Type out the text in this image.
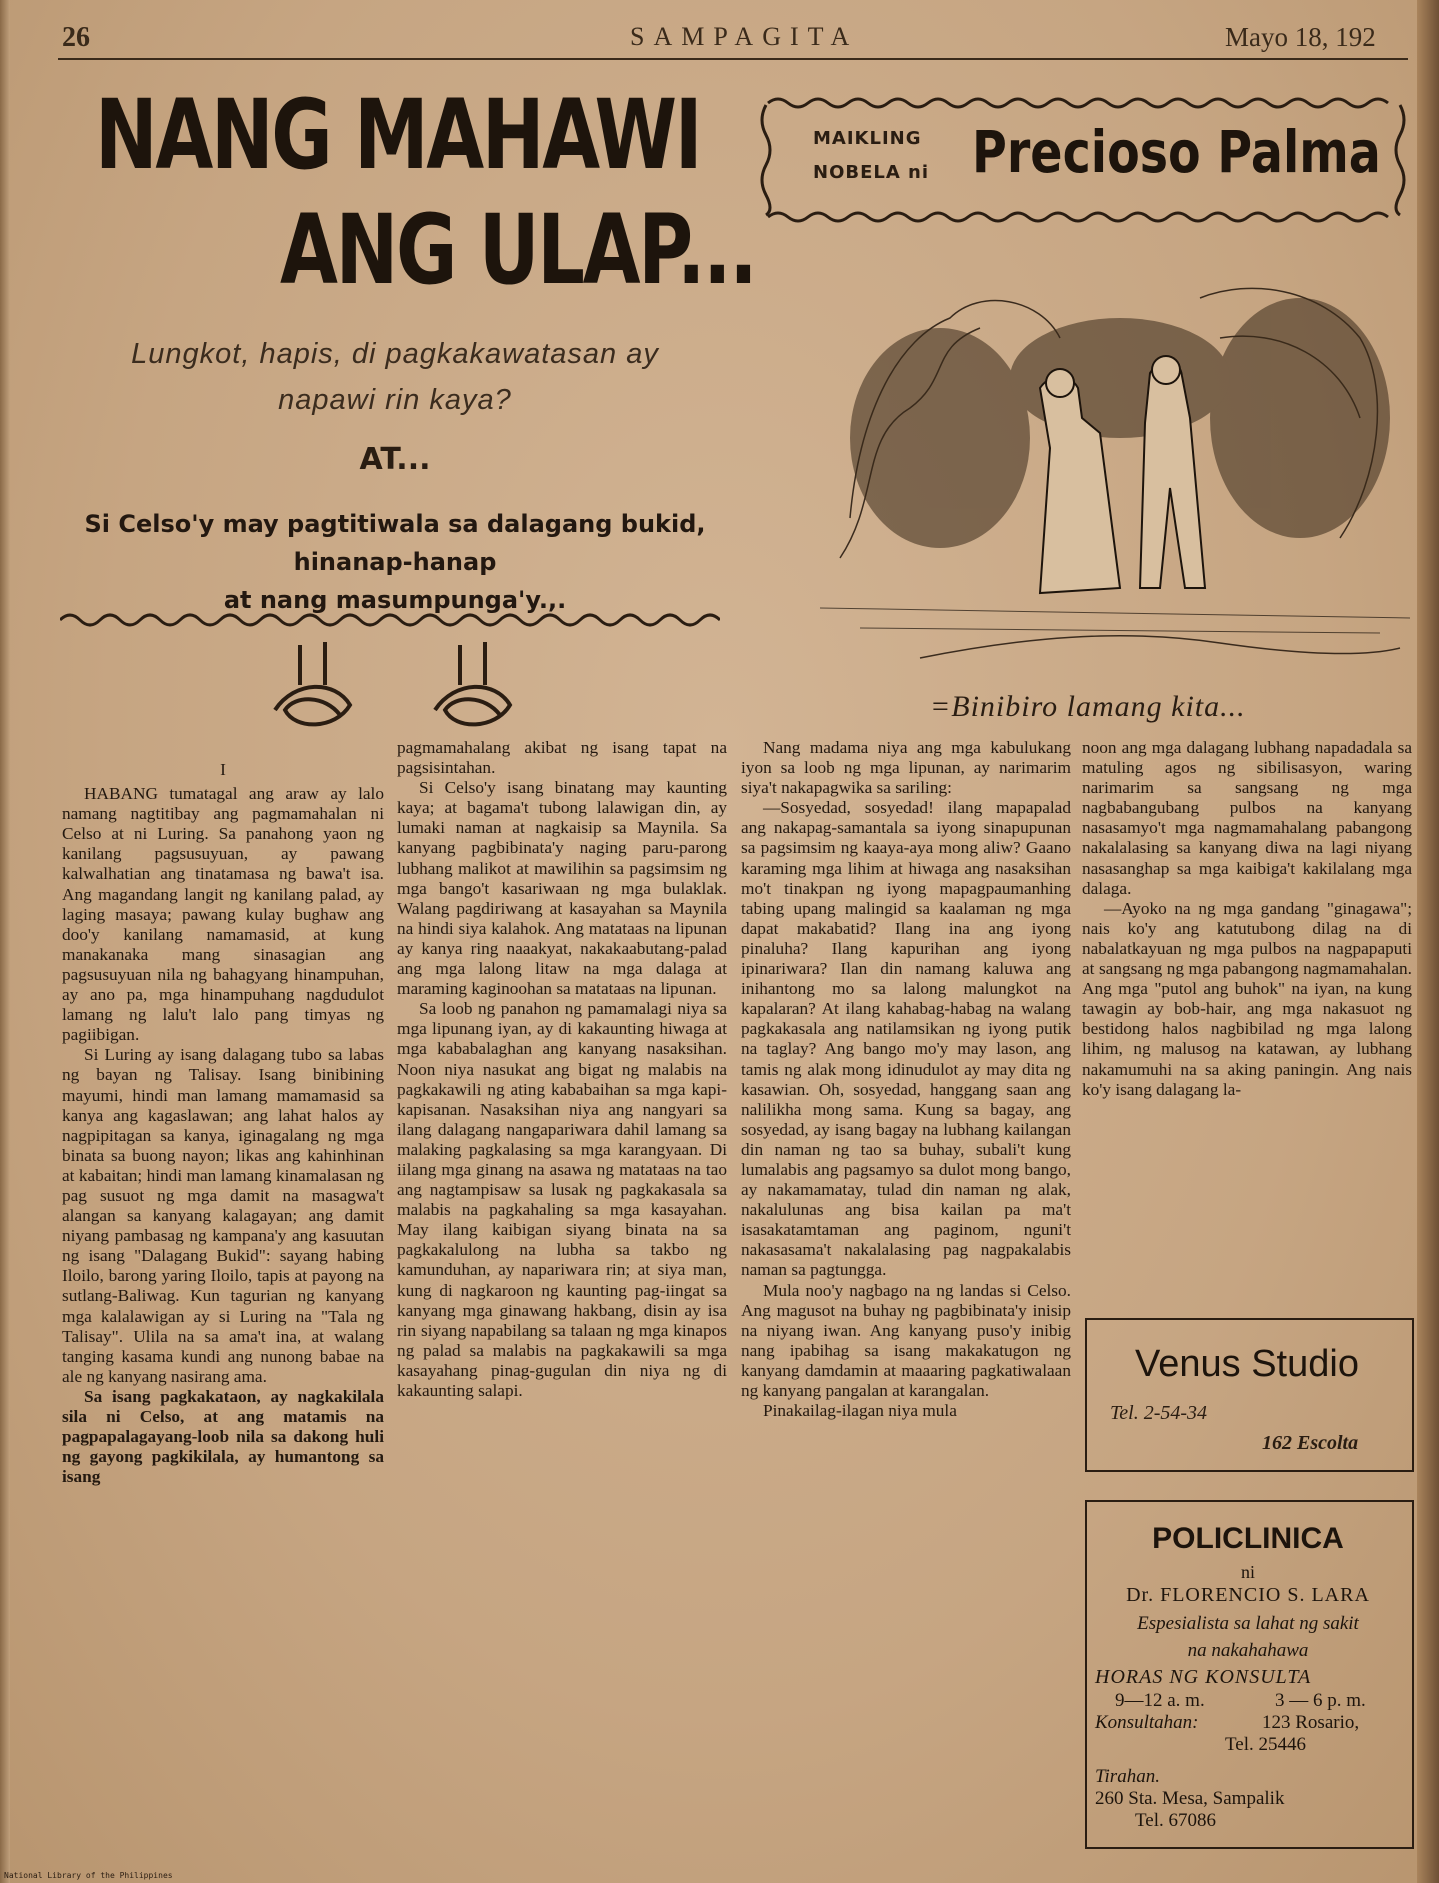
26	SAMPAGITA	Mayo 18, 192
NANG MAHAWI
ANG ULAP...
Lungkot, hapis, di pagkakawatasan ay
napawi rin kaya?
AT...
Si Celso'y may pagtitiwala sa dalagang bukid, hinanap-hanap
at nang masumpunga'y.,.
MAIKLING
NOBELA ni Precioso Palma
=Binibiro lamang kita...

I

HABANG tumatagal ang araw ay lalo namang nagtitibay ang pagmamahalan ni Celso at ni Luring. Sa panahong yaon ng kanilang pagsusuyuan, ay pawang kalwalhatian ang tinatamasa ng bawa't isa. Ang magandang langit ng kanilang palad, ay laging masaya; pawang kulay bughaw ang doo'y kanilang namamasid, at kung manakanaka mang sinasagian ang pagsusuyuan nila ng bahagyang hinampuhan, ay ano pa, mga hinampuhang nagdudulot lamang ng lalu't lalo pang timyas ng pagiibigan.

Si Luring ay isang dalagang tubo sa labas ng bayan ng Talisay. Isang binibining mayumi, hindi man lamang mamamasid sa kanya ang kagaslawan; ang lahat halos ay nagpipitagan sa kanya, iginagalang ng mga binata sa buong nayon; likas ang kahinhinan at kabaitan; hindi man lamang kinamalasan ng pag susuot ng mga damit na masagwa't alangan sa kanyang kalagayan; ang damit niyang pambasag ng kampana'y ang kasuutan ng isang "Dalagang Bukid": sayang habing Iloilo, barong yaring Iloilo, tapis at payong na sutlang-Baliwag. Kun tagurian ng kanyang mga kalalawigan ay si Luring na "Tala ng Talisay". Ulila na sa ama't ina, at walang tanging kasama kundi ang nunong babae na ale ng kanyang nasirang ama.

Sa isang pagkakataon, ay nagkakilala sila ni Celso, at ang matamis na pagpapalagayang-loob nila sa dakong huli ng gayong pagkikilala, ay humantong sa isang

pagmamahalang akibat ng isang tapat na pagsisintahan.

Si Celso'y isang binatang may kaunting kaya; at bagama't tubong lalawigan din, ay lumaki naman at nagkaisip sa Maynila. Sa kanyang pagbibinata'y naging paru-parong lubhang malikot at mawilihin sa pagsimsim ng mga bango't kasariwaan ng mga bulaklak. Walang pagdiriwang at kasayahan sa Maynila na hindi siya kalahok. Ang matataas na lipunan ay kanya ring naaakyat, nakakaabutang-palad ang mga lalong litaw na mga dalaga at maraming kaginoohan sa matataas na lipunan.

Sa loob ng panahon ng pamamalagi niya sa mga lipunang iyan, ay di kakaunting hiwaga at mga kababalaghan ang kanyang nasaksihan. Noon niya nasukat ang bigat ng malabis na pagkakawili ng ating kababaihan sa mga kapi-kapisanan. Nasaksihan niya ang nangyari sa ilang dalagang nangapariwara dahil lamang sa malaking pagkalasing sa mga karangyaan. Di iilang mga ginang na asawa ng matataas na tao ang nagtampisaw sa lusak ng pagkakasala sa malabis na pagkahaling sa mga kasayahan. May ilang kaibigan siyang binata na sa pagkakalulong na lubha sa takbo ng kamunduhan, ay napariwara rin; at siya man, kung di nagkaroon ng kaunting pag-iingat sa kanyang mga ginawang hakbang, disin ay isa rin siyang napabilang sa talaan ng mga kinapos ng palad sa malabis na pagkakawili sa mga kasayahang pinag-gugulan din niya ng di kakaunting salapi.

Nang madama niya ang mga kabulukang iyon sa loob ng mga lipunan, ay narimarim siya't nakapagwika sa sariling:

—Sosyedad, sosyedad! ilang mapapalad ang nakapag-samantala sa iyong sinapupunan sa pagsimsim ng kaaya-aya mong aliw? Gaano karaming mga lihim at hiwaga ang nasaksihan mo't tinakpan ng iyong mapagpaumanhing tabing upang malingid sa kaalaman ng mga dapat makabatid? Ilang ina ang iyong pinaluha? Ilang kapurihan ang iyong ipinariwara? Ilan din namang kaluwa ang inihantong mo sa lalong malungkot na kapalaran? At ilang kahabag-habag na walang pagkakasala ang natilamsikan ng iyong putik na taglay? Ang bango mo'y may lason, ang tamis ng alak mong idinudulot ay may dita ng kasawian. Oh, sosyedad, hanggang saan ang nalilikha mong sama. Kung sa bagay, ang sosyedad, ay isang bagay na lubhang kailangan din naman ng tao sa buhay, subali't kung lumalabis ang pagsamyo sa dulot mong bango, ay nakamamatay, tulad din naman ng alak, nakalulunas ang bisa kailan pa ma't isasakatamtaman ang paginom, nguni't nakasasama't nakalalasing pag nagpakalabis naman sa pagtungga.

Mula noo'y nagbago na ng landas si Celso. Ang magusot na buhay ng pagbibinata'y inisip na niyang iwan. Ang kanyang puso'y inibig nang ipabihag sa isang makakatugon ng kanyang damdamin at maaaring pagkatiwalaan ng kanyang pangalan at karangalan.

Pinakailag-ilagan niya mula

noon ang mga dalagang lubhang napadadala sa matuling agos ng sibilisasyon, waring narimarim sa sangsang ng mga nagbabangubang pulbos na kanyang nasasamyo't mga nagmamahalang pabangong nakalalasing sa kanyang diwa na lagi niyang nasasanghap sa mga kaibiga't kakilalang mga dalaga.

—Ayoko na ng mga gandang "ginagawa"; nais ko'y ang katutubong dilag na di nabalatkayuan ng mga pulbos na nagpapaputi at sangsang ng mga pabangong nagmamahalan. Ang mga "putol ang buhok" na iyan, na kung tawagin ay bob-hair, ang mga nakasuot ng bestidong halos nagbibilad ng mga lalong lihim, ng malusog na katawan, ay lubhang nakamumuhi na sa aking paningin. Ang nais ko'y isang dalagang la-

Venus Studio
Tel. 2-54-34
162 Escolta
POLICLINICA
ni
Dr. FLORENCIO S. LARA
Espesialista sa lahat ng sakit
na nakahahawa
HORAS NG KONSULTA
9—12 a. m.	3 — 6 p. m.
Konsultahan:	123 Rosario,
Tel. 25446
Tirahan.
260 Sta. Mesa, Sampalik
Tel. 67086
National Library of the Philippines
